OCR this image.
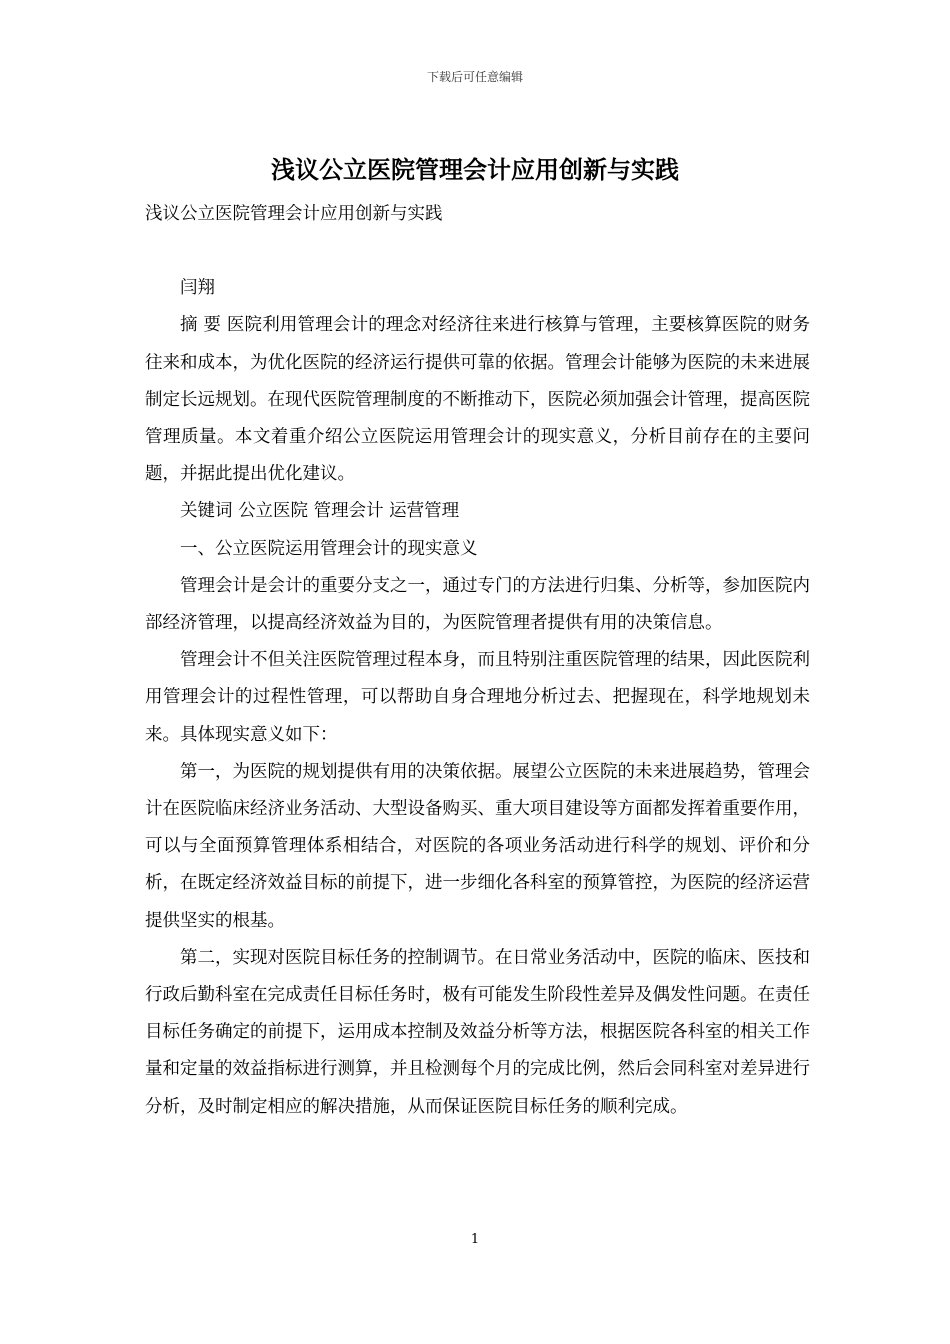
下载后可任意编辑
浅议公立医院管理会计应用创新与实践

浅议公立医院管理会计应用创新与实践

闫翔

摘 要 医院利用管理会计的理念对经济往来进行核算与管理，主要核算医院的财务往来和成本，为优化医院的经济运行提供可靠的依据。管理会计能够为医院的未来进展制定长远规划。在现代医院管理制度的不断推动下，医院必须加强会计管理，提高医院管理质量。本文着重介绍公立医院运用管理会计的现实意义，分析目前存在的主要问题，并据此提出优化建议。

关键词 公立医院 管理会计 运营管理

一、公立医院运用管理会计的现实意义

管理会计是会计的重要分支之一，通过专门的方法进行归集、分析等，参加医院内部经济管理，以提高经济效益为目的，为医院管理者提供有用的决策信息。

管理会计不但关注医院管理过程本身，而且特别注重医院管理的结果，因此医院利用管理会计的过程性管理，可以帮助自身合理地分析过去、把握现在，科学地规划未来。具体现实意义如下：

第一，为医院的规划提供有用的决策依据。展望公立医院的未来进展趋势，管理会计在医院临床经济业务活动、大型设备购买、重大项目建设等方面都发挥着重要作用，可以与全面预算管理体系相结合，对医院的各项业务活动进行科学的规划、评价和分析，在既定经济效益目标的前提下，进一步细化各科室的预算管控，为医院的经济运营提供坚实的根基。

第二，实现对医院目标任务的控制调节。在日常业务活动中，医院的临床、医技和行政后勤科室在完成责任目标任务时，极有可能发生阶段性差异及偶发性问题。在责任目标任务确定的前提下，运用成本控制及效益分析等方法，根据医院各科室的相关工作量和定量的效益指标进行测算，并且检测每个月的完成比例，然后会同科室对差异进行分析，及时制定相应的解决措施，从而保证医院目标任务的顺利完成。

1
